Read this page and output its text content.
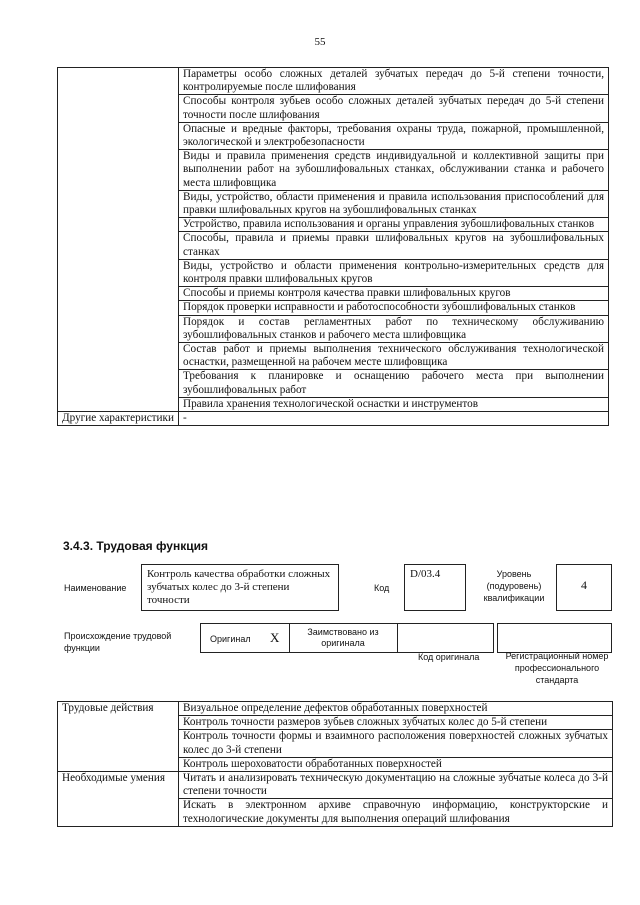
55
	Параметры особо сложных деталей зубчатых передач до 5-й степени точности, контролируемые после шлифования
	Способы контроля зубьев особо сложных деталей зубчатых передач до 5-й степени точности после шлифования
	Опасные и вредные факторы, требования охраны труда, пожарной, промышленной, экологической и электробезопасности
	Виды и правила применения средств индивидуальной и коллективной защиты при выполнении работ на зубошлифовальных станках, обслуживании станка и рабочего места шлифовщика
	Виды, устройство, области применения и правила использования приспособлений для правки шлифовальных кругов на зубошлифовальных станках
	Устройство, правила использования и органы управления зубошлифовальных станков
	Способы, правила и приемы правки шлифовальных кругов на зубошлифовальных станках
	Виды, устройство и области применения контрольно-измерительных средств для контроля правки шлифовальных кругов
	Способы и приемы контроля качества правки шлифовальных кругов
	Порядок проверки исправности и работоспособности зубошлифовальных станков
	Порядок и состав регламентных работ по техническому обслуживанию зубошлифовальных станков и рабочего места шлифовщика
	Состав работ и приемы выполнения технического обслуживания технологической оснастки, размещенной на рабочем месте шлифовщика
	Требования к планировке и оснащению рабочего места при выполнении зубошлифовальных работ
	Правила хранения технологической оснастки и инструментов
Другие характеристики	-
3.4.3. Трудовая функция
Наименование
Контроль качества обработки сложных зубчатых колес до 3-й степени точности
Код
D/03.4	Уровень (подуровень) квалификации
4
Происхождение трудовой функции
Оригинал X	Заимствовано из оригинала
Код оригинала	Регистрационный номер профессионального стандарта
Трудовые действия	Визуальное определение дефектов обработанных поверхностей
	Контроль точности размеров зубьев сложных зубчатых колес до 5-й степени
	Контроль точности формы и взаимного расположения поверхностей сложных зубчатых колес до 3-й степени
	Контроль шероховатости обработанных поверхностей
Необходимые умения	Читать и анализировать техническую документацию на сложные зубчатые колеса до 3-й степени точности
	Искать в электронном архиве справочную информацию, конструкторские и технологические документы для выполнения операций шлифования
